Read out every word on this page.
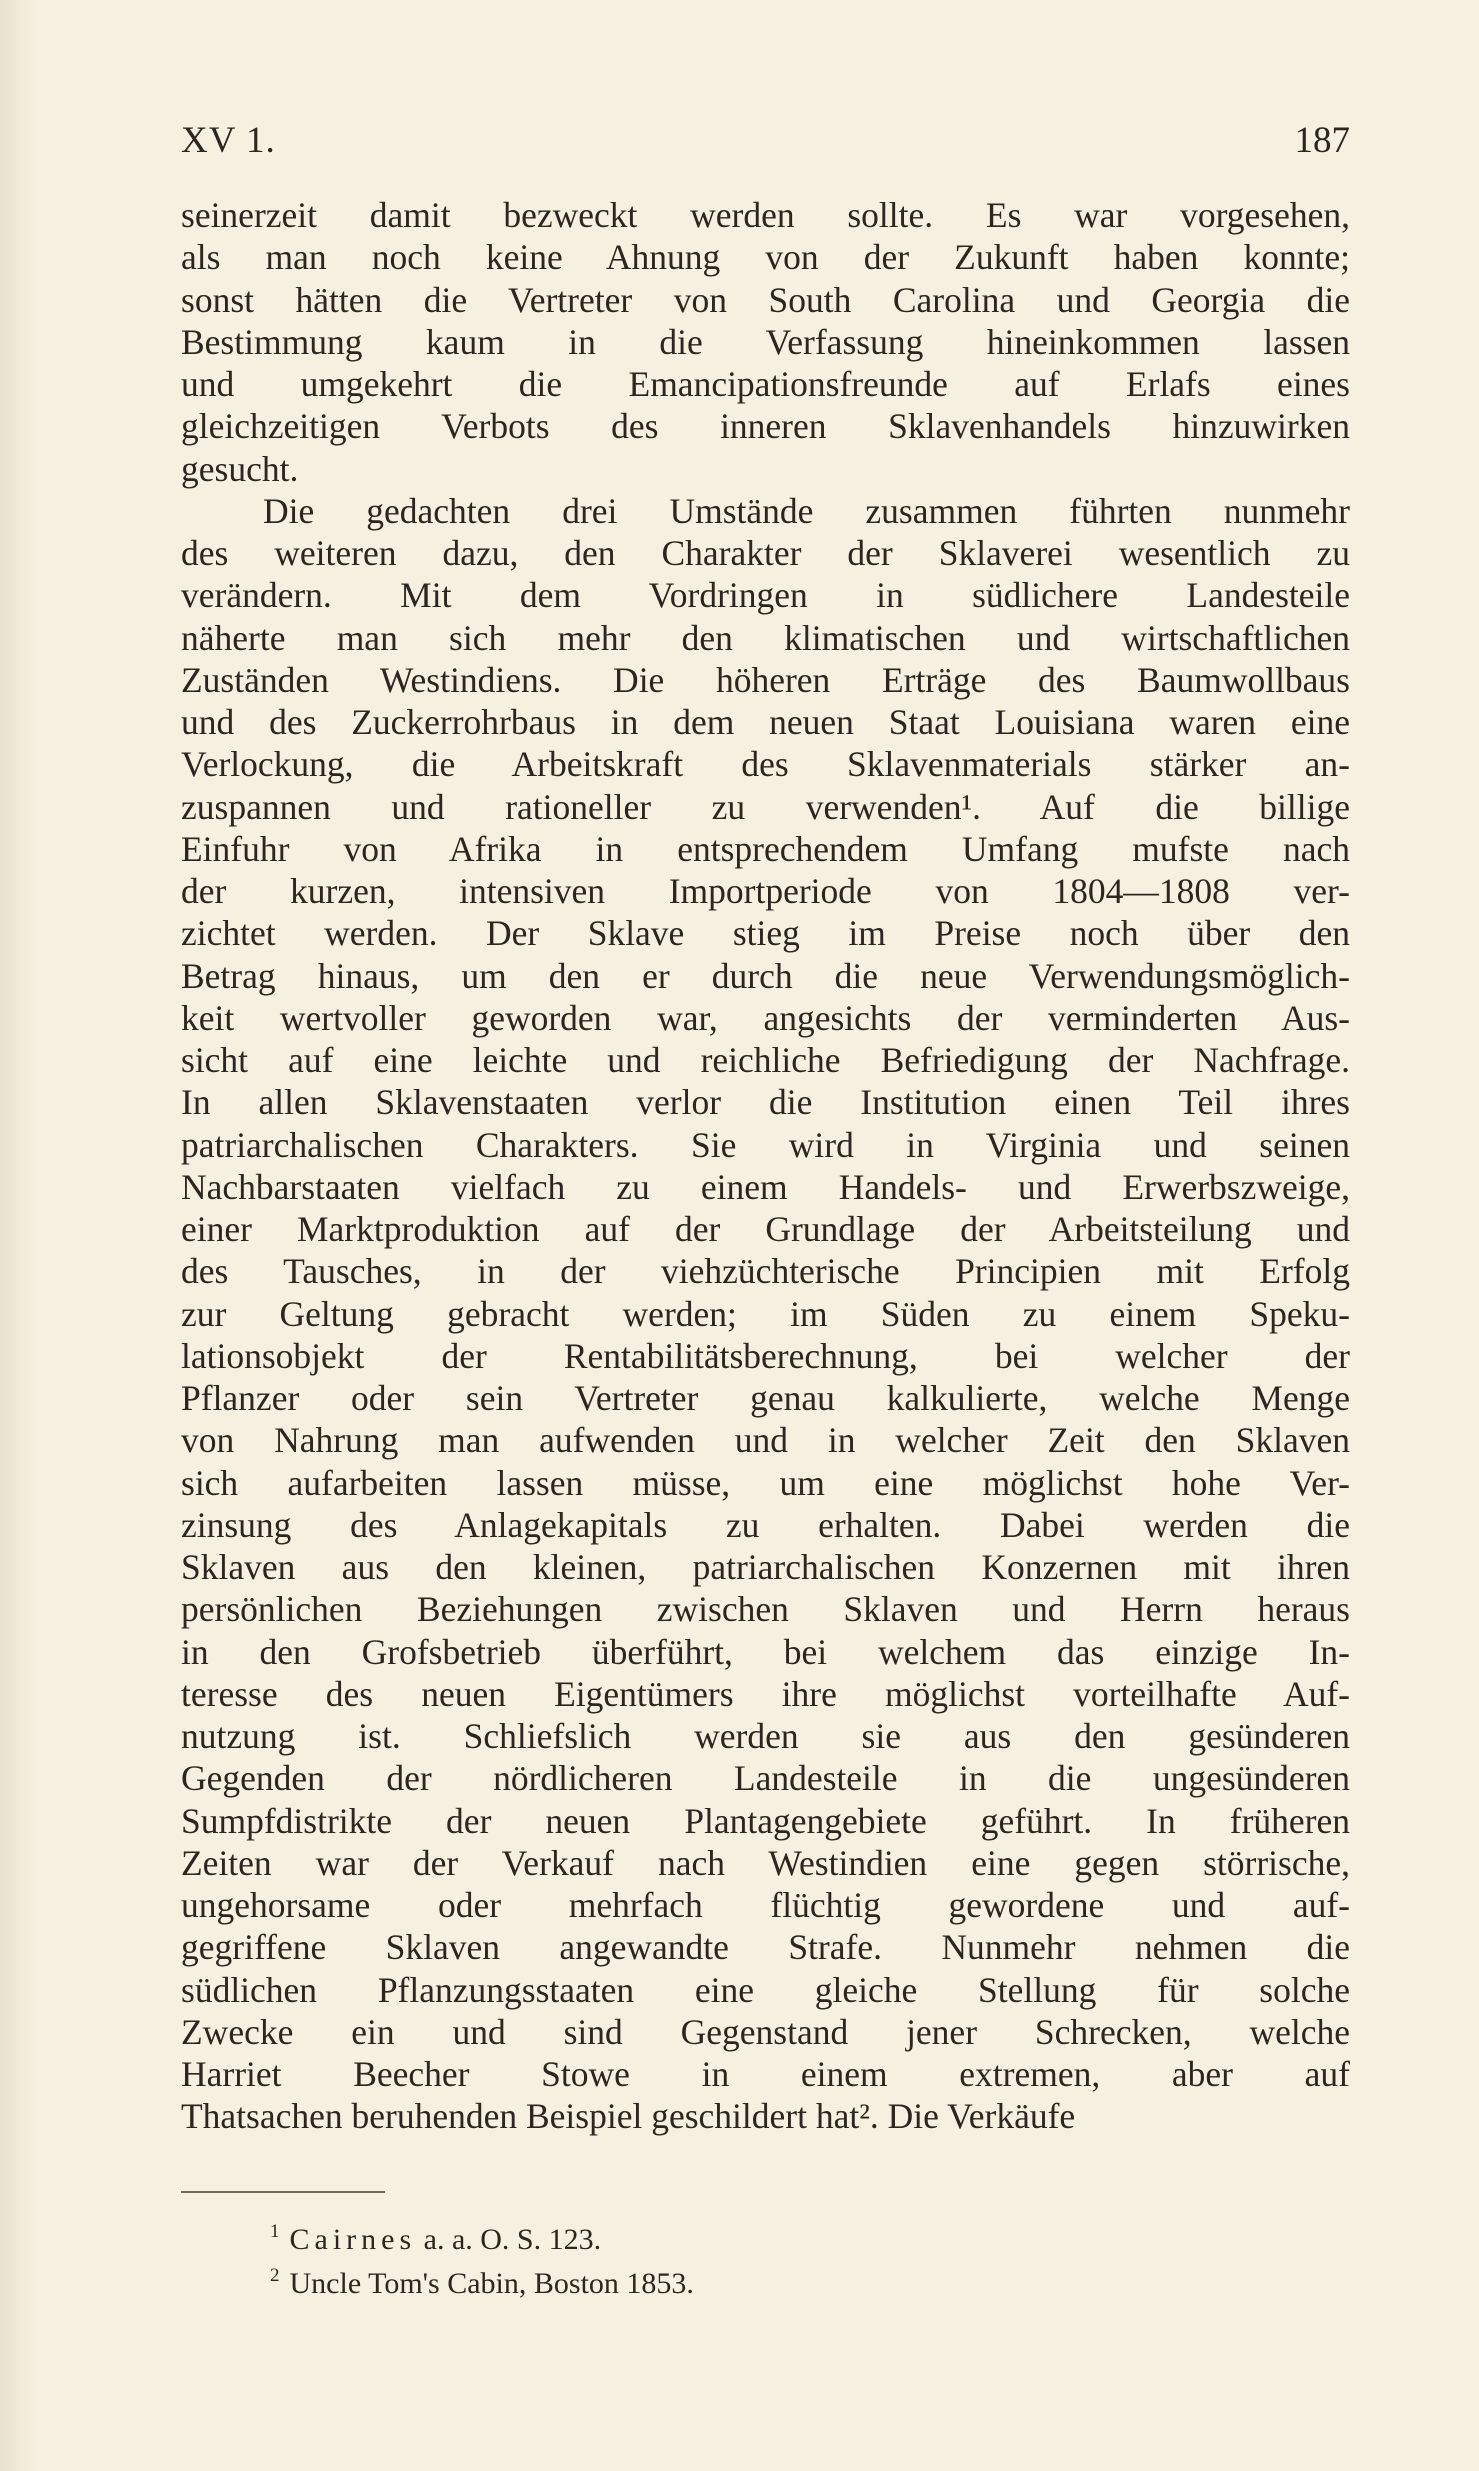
XV 1.	187
seinerzeit damit bezweckt werden sollte. Es war vorgesehen,
als man noch keine Ahnung von der Zukunft haben konnte;
sonst hätten die Vertreter von South Carolina und Georgia die
Bestimmung kaum in die Verfassung hineinkommen lassen
und umgekehrt die Emancipationsfreunde auf Erlafs eines
gleichzeitigen Verbots des inneren Sklavenhandels hinzuwirken
gesucht.
Die gedachten drei Umstände zusammen führten nunmehr
des weiteren dazu, den Charakter der Sklaverei wesentlich zu
verändern. Mit dem Vordringen in südlichere Landesteile
näherte man sich mehr den klimatischen und wirtschaftlichen
Zuständen Westindiens. Die höheren Erträge des Baumwollbaus
und des Zuckerrohrbaus in dem neuen Staat Louisiana waren eine
Verlockung, die Arbeitskraft des Sklavenmaterials stärker an-
zuspannen und rationeller zu verwenden¹. Auf die billige
Einfuhr von Afrika in entsprechendem Umfang mufste nach
der kurzen, intensiven Importperiode von 1804—1808 ver-
zichtet werden. Der Sklave stieg im Preise noch über den
Betrag hinaus, um den er durch die neue Verwendungsmöglich-
keit wertvoller geworden war, angesichts der verminderten Aus-
sicht auf eine leichte und reichliche Befriedigung der Nachfrage.
In allen Sklavenstaaten verlor die Institution einen Teil ihres
patriarchalischen Charakters. Sie wird in Virginia und seinen
Nachbarstaaten vielfach zu einem Handels- und Erwerbszweige,
einer Marktproduktion auf der Grundlage der Arbeitsteilung und
des Tausches, in der viehzüchterische Principien mit Erfolg
zur Geltung gebracht werden; im Süden zu einem Speku-
lationsobjekt der Rentabilitätsberechnung, bei welcher der
Pflanzer oder sein Vertreter genau kalkulierte, welche Menge
von Nahrung man aufwenden und in welcher Zeit den Sklaven
sich aufarbeiten lassen müsse, um eine möglichst hohe Ver-
zinsung des Anlagekapitals zu erhalten. Dabei werden die
Sklaven aus den kleinen, patriarchalischen Konzernen mit ihren
persönlichen Beziehungen zwischen Sklaven und Herrn heraus
in den Grofsbetrieb überführt, bei welchem das einzige In-
teresse des neuen Eigentümers ihre möglichst vorteilhafte Auf-
nutzung ist. Schliefslich werden sie aus den gesünderen
Gegenden der nördlicheren Landesteile in die ungesünderen
Sumpfdistrikte der neuen Plantagengebiete geführt. In früheren
Zeiten war der Verkauf nach Westindien eine gegen störrische,
ungehorsame oder mehrfach flüchtig gewordene und auf-
gegriffene Sklaven angewandte Strafe. Nunmehr nehmen die
südlichen Pflanzungsstaaten eine gleiche Stellung für solche
Zwecke ein und sind Gegenstand jener Schrecken, welche
Harriet Beecher Stowe in einem extremen, aber auf
Thatsachen beruhenden Beispiel geschildert hat². Die Verkäufe
$^1$ Cairnes a. a. O. S. 123.
$^2$ Uncle Tom's Cabin, Boston 1853.
